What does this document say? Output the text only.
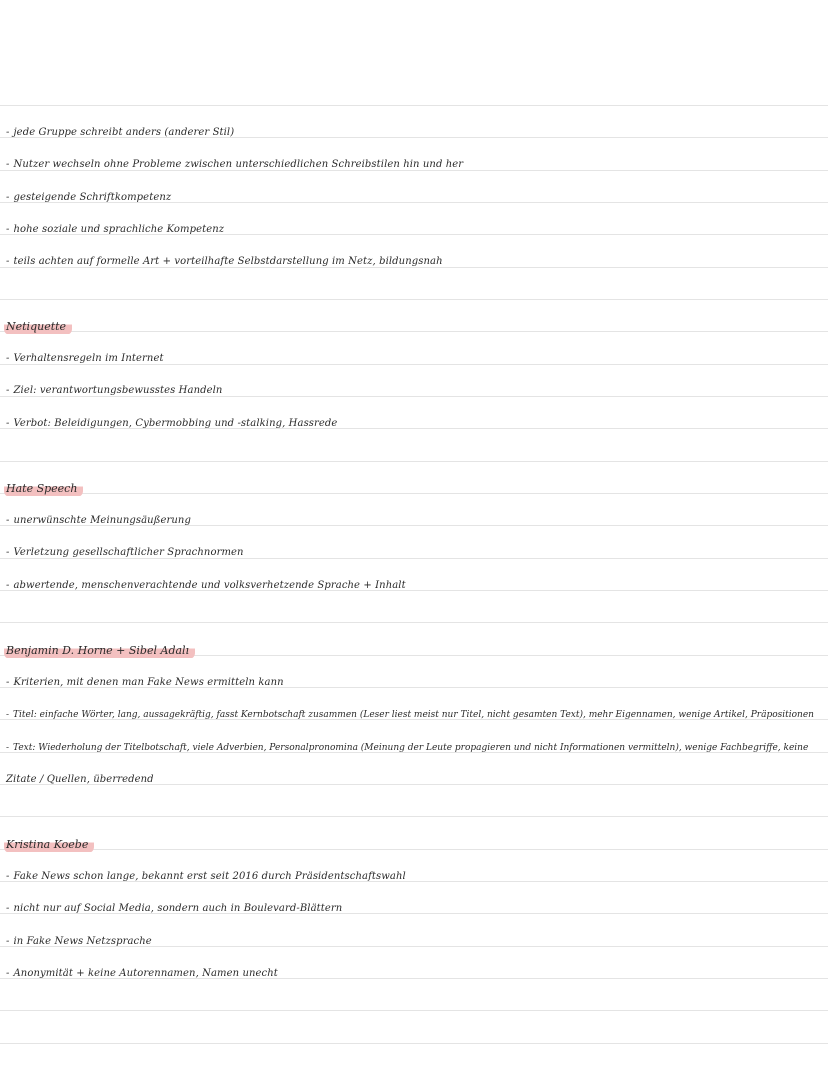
- jede Gruppe schreibt anders (anderer Stil)
- Nutzer wechseln ohne Probleme zwischen unterschiedlichen Schreibstilen hin und her
- gesteigende Schriftkompetenz
- hohe soziale und sprachliche Kompetenz
- teils achten auf formelle Art + vorteilhafte Selbstdarstellung im Netz, bildungsnah
Netiquette
- Verhaltensregeln im Internet
- Ziel: verantwortungsbewusstes Handeln
- Verbot: Beleidigungen, Cybermobbing und -stalking, Hassrede
Hate Speech
- unerwünschte Meinungsäußerung
- Verletzung gesellschaftlicher Sprachnormen
- abwertende, menschenverachtende und volksverhetzende Sprache + Inhalt
Benjamin D. Horne + Sibel Adalı
- Kriterien, mit denen man Fake News ermitteln kann
- Titel: einfache Wörter, lang, aussagekräftig, fasst Kernbotschaft zusammen (Leser liest meist nur Titel, nicht gesamten Text), mehr Eigennamen, wenige Artikel, Präpositionen
- Text: Wiederholung der Titelbotschaft, viele Adverbien, Personalpronomina (Meinung der Leute propagieren und nicht Informationen vermitteln), wenige Fachbegriffe, keine
Zitate / Quellen, überredend
Kristina Koebe
- Fake News schon lange, bekannt erst seit 2016 durch Präsidentschaftswahl
- nicht nur auf Social Media, sondern auch in Boulevard-Blättern
- in Fake News Netzsprache
- Anonymität + keine Autorennamen, Namen unecht
